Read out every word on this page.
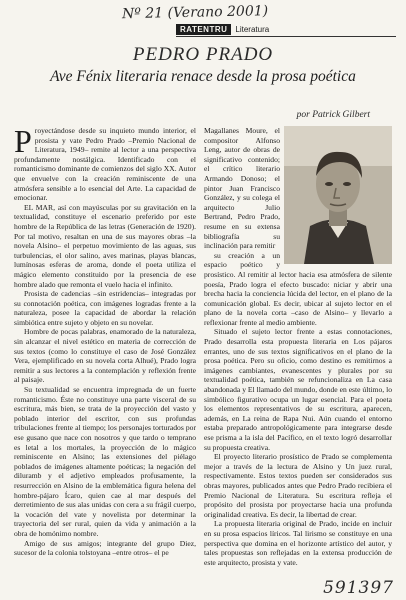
Nº 21 (Verano 2001)
RATENTRU	Literatura
PEDRO PRADO
Ave Fénix literaria renace desde la prosa poética
por Patrick Gilbert

P royectándose desde su inquieto mundo interior, el prosista y vate Pedro Prado –Premio Nacional de Literatura, 1949– remite al lector a una perspectiva profundamente nostálgica. Identificado con el romanticismo dominante de comienzos del siglo XX. Autor que envuelve con la creación reminiscente de una atmósfera sensible a lo esencial del Arte. La capacidad de emocionar.

EL MAR, así con mayúsculas por su gravitación en la textualidad, constituye el escenario preferido por este hombre de la República de las letras (Generación de 1920). Por tal motivo, resaltan en una de sus mayores obras –la novela Alsino– el perpetuo movimiento de las aguas, sus turbulencias, el olor salino, aves marinas, playas blancas, lumínosas esferas de aroma, donde el poeta utiliza el mágico elemento constituido por la presencia de ese hombre alado que remonta el vuelo hacia el infinito.

Prosista de cadencias –sin estridencias– integradas por su connotación poética, con imágenes logradas frente a la naturaleza, posee la capacidad de abordar la relación simbiótica entre sujeto y objeto en su novelar.

Hombre de pocas palabras, enamorado de la naturaleza, sin alcanzar el nivel estético en materia de corrección de sus textos (como lo constituye el caso de José González Vera, ejemplificado en su novela corta Alhué), Prado logra remitir a sus lectores a la contemplación y reflexión frente al paisaje.

Su textualidad se encuentra impregnada de un fuerte romanticismo. Éste no constituye una parte visceral de su escritura, más bien, se trata de la proyección del vasto y poblado interior del escritor, con sus profundas tribulaciones frente al tiempo; los personajes torturados por ese gusano que nace con nosotros y que tardo o temprano es letal a los mortales, la proyección de lo mágico reminiscente en Alsino; las extensiones del piélago poblados de imágenes altamente poéticas; la negación del diluramb y el adjetivo empleados profusamente, la resurrección en Alsino de la emblemática figura helena del hombre-pájaro Ícaro, quien cae al mar después del derretimiento de sus alas unidas con cera a su frágil cuerpo, la vocación del vate y novelista por determinar la trayectoria del ser rural, quien da vida y animación a la obra de homónimo nombre.

Amigo de sus amigos; integrante del grupo Diez, sucesor de la colonia tolstoyana –entre otros– el pe

Magallanes Moure, el compositor Alfonso Leng, autor de obras de significativo contenido; el crítico literario Armando Donoso; el pintor Juan Francisco González, y su colega el arquitecto Julio Bertrand, Pedro Prado, resume en su extensa bibliografía su inclinación para remitir

su creación a un espacio poético y prosístico. Al remitir al lector hacia esa atmósfera de silente poesía, Prado logra el efecto buscado: niciar y abrir una brecha hacia la conciencia lúcida del lector, en el plano de la comunicación global. Es decir, ubicar al sujeto lector en el plano de la novela corta –caso de Alsino– y llevarlo a reflexionar frente al medio ambiente.

Situado el sujeto lector frente a estas connotaciones, Prado desarrolla esta propuesta literaria en Los pájaros errantes, uno de sus textos significativos en el plano de la prosa poética. Pero su oficio, como destino es remitirnos a imágenes cambiantes, evanescentes y plurales por su textualidad poética, también se refuncionaliza en La casa abandonada y El llamado del mundo, donde en este último, lo simbólico figurativo ocupa un lugar esencial. Para el poeta los elementos representativos de su escritura, aparecen, además, en La reina de Rapa Nui. Aún cuando el entorno estaba preparado antropológicamente para integrarse desde ese prisma a la isla del Pacífico, en el texto logró desarrollar su propuesta creativa.

El proyecto literario prosístico de Prado se complementa mejor a través de la lectura de Alsino y Un juez rural, respectivamente. Estos textos pueden ser considerados sus obras mayores, publicados antes que Pedro Prado recibiera el Premio Nacional de Literatura. Su escritura refleja el propósito del prosista por proyectarse hacia una profunda originalidad creativa. Es decir, la libertad de crear.

La propuesta literaria original de Prado, incide en incluir en su prosa espacios líricos. Tal lirismo se constituye en una perspectiva que domina en el horizonte artístico del autor, y tales propuestas son reflejadas en la extensa producción de este arquitecto, prosista y vate.

591397
